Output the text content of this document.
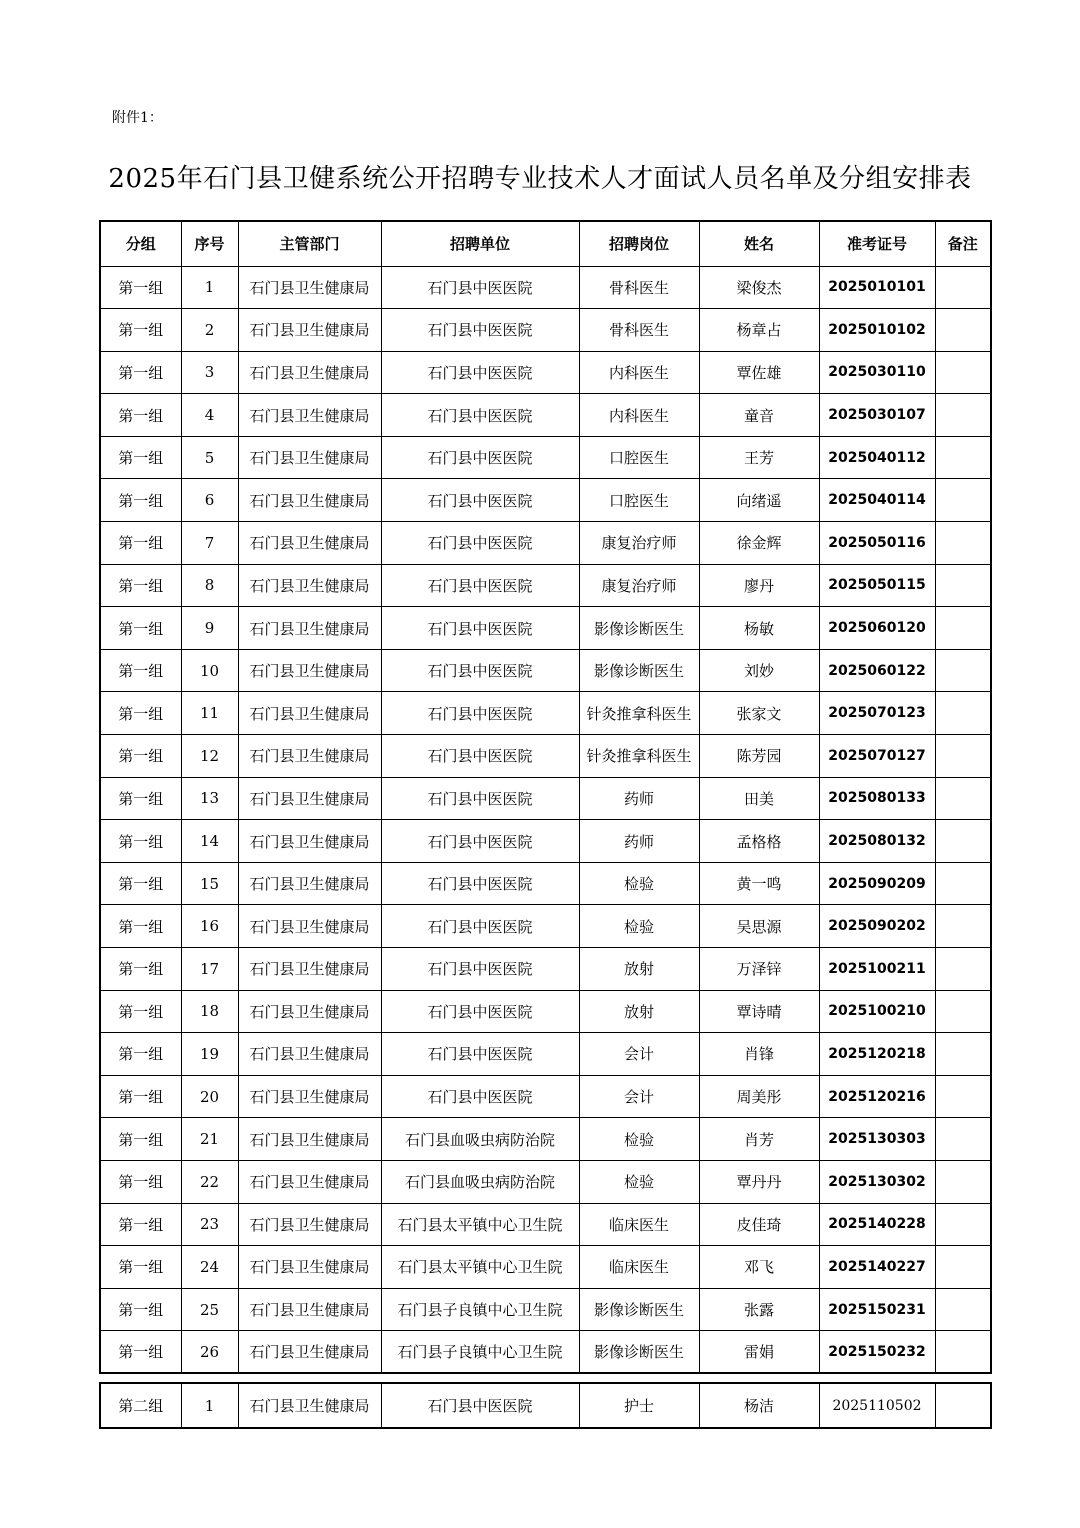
附件1：
2025年石门县卫健系统公开招聘专业技术人才面试人员名单及分组安排表
分组	序号	主管部门	招聘单位	招聘岗位	姓名	准考证号	备注
第一组	1	石门县卫生健康局	石门县中医医院	骨科医生	梁俊杰	2025010101	
第一组	2	石门县卫生健康局	石门县中医医院	骨科医生	杨章占	2025010102	
第一组	3	石门县卫生健康局	石门县中医医院	内科医生	覃佐雄	2025030110	
第一组	4	石门县卫生健康局	石门县中医医院	内科医生	童音	2025030107	
第一组	5	石门县卫生健康局	石门县中医医院	口腔医生	王芳	2025040112	
第一组	6	石门县卫生健康局	石门县中医医院	口腔医生	向绪遥	2025040114	
第一组	7	石门县卫生健康局	石门县中医医院	康复治疗师	徐金辉	2025050116	
第一组	8	石门县卫生健康局	石门县中医医院	康复治疗师	廖丹	2025050115	
第一组	9	石门县卫生健康局	石门县中医医院	影像诊断医生	杨敏	2025060120	
第一组	10	石门县卫生健康局	石门县中医医院	影像诊断医生	刘妙	2025060122	
第一组	11	石门县卫生健康局	石门县中医医院	针灸推拿科医生	张家文	2025070123	
第一组	12	石门县卫生健康局	石门县中医医院	针灸推拿科医生	陈芳园	2025070127	
第一组	13	石门县卫生健康局	石门县中医医院	药师	田美	2025080133	
第一组	14	石门县卫生健康局	石门县中医医院	药师	孟格格	2025080132	
第一组	15	石门县卫生健康局	石门县中医医院	检验	黄一鸣	2025090209	
第一组	16	石门县卫生健康局	石门县中医医院	检验	吴思源	2025090202	
第一组	17	石门县卫生健康局	石门县中医医院	放射	万泽锌	2025100211	
第一组	18	石门县卫生健康局	石门县中医医院	放射	覃诗晴	2025100210	
第一组	19	石门县卫生健康局	石门县中医医院	会计	肖锋	2025120218	
第一组	20	石门县卫生健康局	石门县中医医院	会计	周美彤	2025120216	
第一组	21	石门县卫生健康局	石门县血吸虫病防治院	检验	肖芳	2025130303	
第一组	22	石门县卫生健康局	石门县血吸虫病防治院	检验	覃丹丹	2025130302	
第一组	23	石门县卫生健康局	石门县太平镇中心卫生院	临床医生	皮佳琦	2025140228	
第一组	24	石门县卫生健康局	石门县太平镇中心卫生院	临床医生	邓飞	2025140227	
第一组	25	石门县卫生健康局	石门县子良镇中心卫生院	影像诊断医生	张露	2025150231	
第一组	26	石门县卫生健康局	石门县子良镇中心卫生院	影像诊断医生	雷娟	2025150232	
第二组	1	石门县卫生健康局	石门县中医医院	护士	杨洁	2025110502	
